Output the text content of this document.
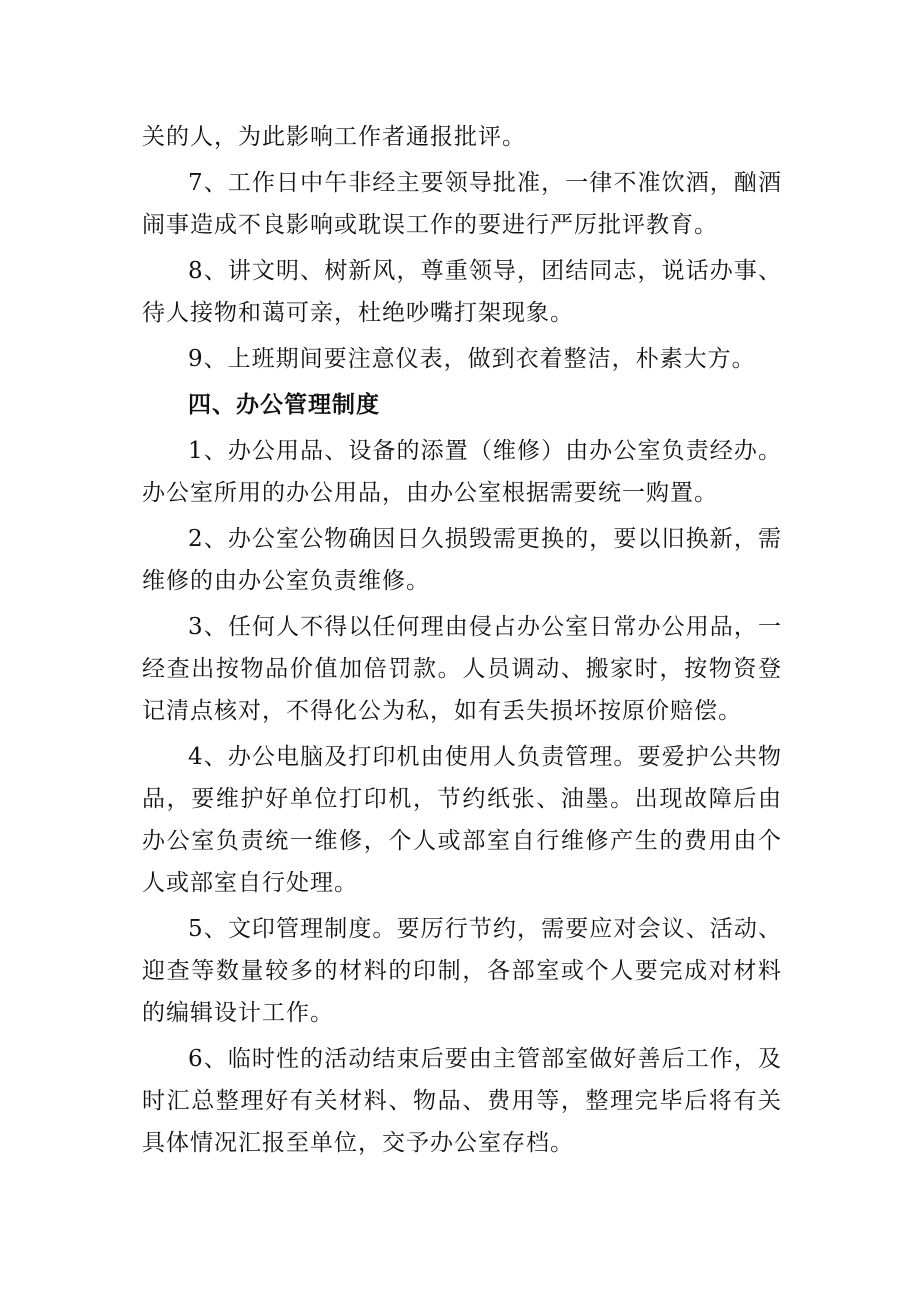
关的人，为此影响工作者通报批评。

7、工作日中午非经主要领导批准，一律不准饮酒，酗酒闹事造成不良影响或耽误工作的要进行严厉批评教育。

8、讲文明、树新风，尊重领导，团结同志，说话办事、待人接物和蔼可亲，杜绝吵嘴打架现象。

9、上班期间要注意仪表，做到衣着整洁，朴素大方。

四、办公管理制度

1、办公用品、设备的添置（维修）由办公室负责经办。办公室所用的办公用品，由办公室根据需要统一购置。

2、办公室公物确因日久损毁需更换的，要以旧换新，需维修的由办公室负责维修。

3、任何人不得以任何理由侵占办公室日常办公用品，一经查出按物品价值加倍罚款。人员调动、搬家时，按物资登记清点核对，不得化公为私，如有丢失损坏按原价赔偿。

4、办公电脑及打印机由使用人负责管理。要爱护公共物品，要维护好单位打印机，节约纸张、油墨。出现故障后由办公室负责统一维修，个人或部室自行维修产生的费用由个人或部室自行处理。

5、文印管理制度。要厉行节约，需要应对会议、活动、迎查等数量较多的材料的印制，各部室或个人要完成对材料的编辑设计工作。

6、临时性的活动结束后要由主管部室做好善后工作，及时汇总整理好有关材料、物品、费用等，整理完毕后将有关具体情况汇报至单位，交予办公室存档。
